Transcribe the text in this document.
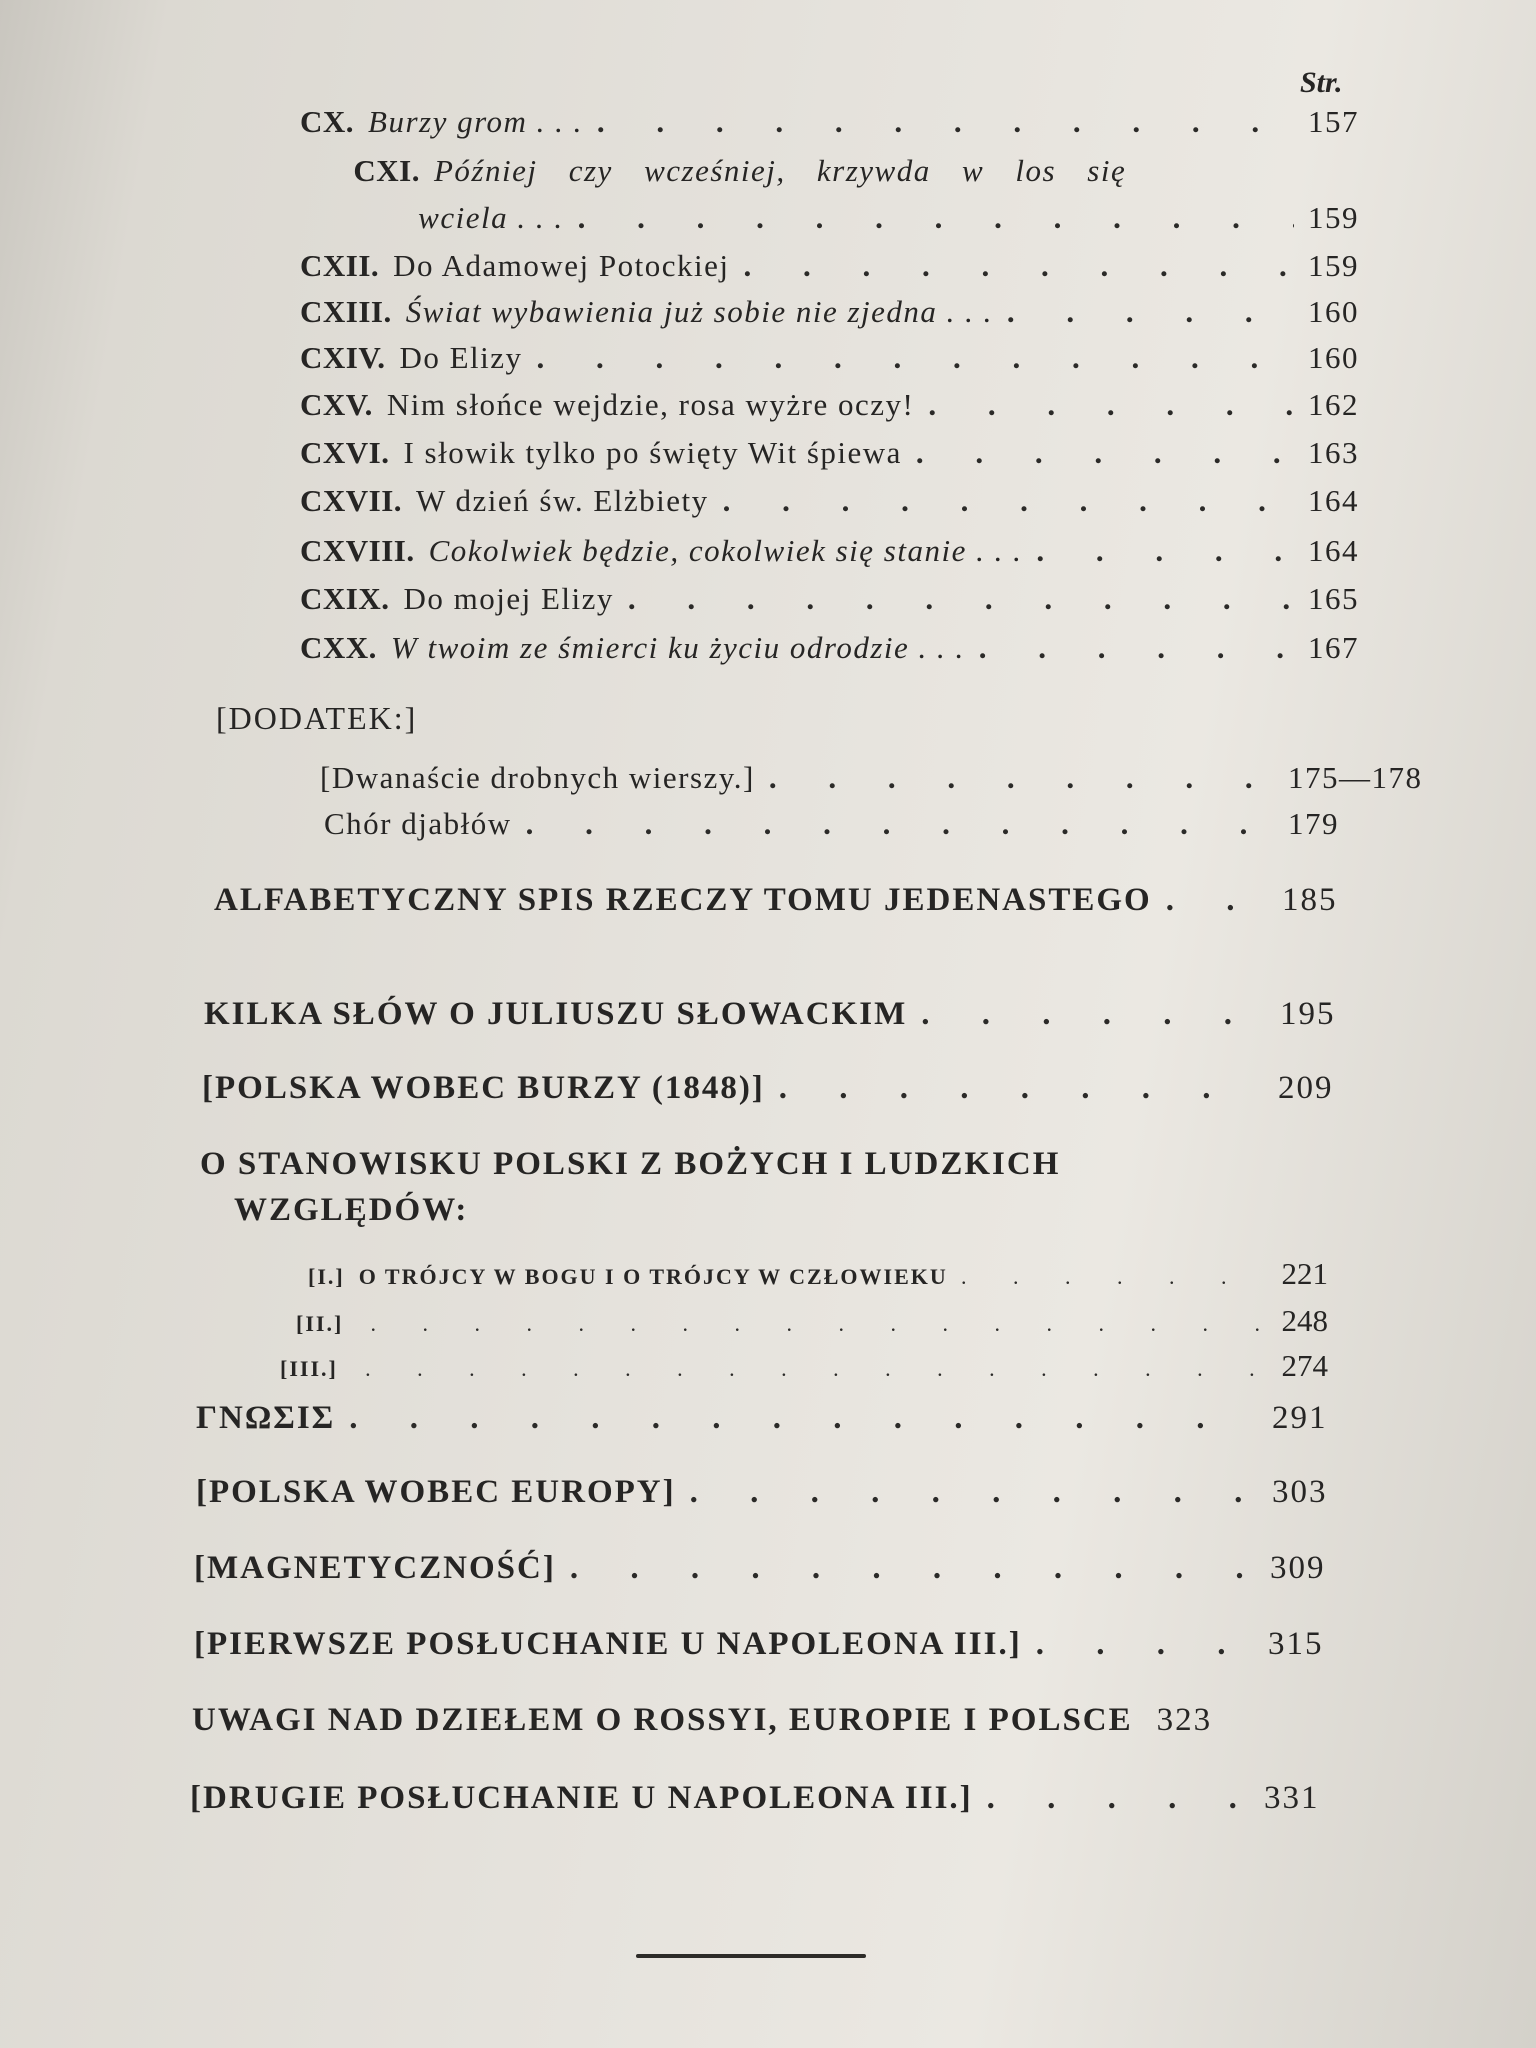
Str.
CX. Burzy grom . . . . . .	157
CXI. Później czy wcześniej, krzywda w los się
wciela . . . . . .	159
CXII. Do Adamowej Potockiej . . .	159
CXIII. Świat wybawienia już sobie nie zjedna . . . . . .	160
CXIV. Do Elizy . . .	160
CXV. Nim słońce wejdzie, rosa wyżre oczy! . . .	162
CXVI. I słowik tylko po święty Wit śpiewa . . .	163
CXVII. W dzień św. Elżbiety . . .	164
CXVIII. Cokolwiek będzie, cokolwiek się stanie . . . . . .	164
CXIX. Do mojej Elizy . . .	165
CXX. W twoim ze śmierci ku życiu odrodzie . . . . . .	167
[DODATEK:]
[Dwanaście drobnych wierszy.] . . .	175—178
Chór djabłów . . .	179
ALFABETYCZNY SPIS RZECZY TOMU JEDENASTEGO . . .	185
KILKA SŁÓW O JULIUSZU SŁOWACKIM . . .	195
[POLSKA WOBEC BURZY (1848)] . . .	209
O STANOWISKU POLSKI Z BOŻYCH I LUDZKICH
WZGLĘDÓW:
[I.] O TRÓJCY W BOGU I O TRÓJCY W CZŁOWIEKU . . .	221
[II.] . . .	248
[III.] . . .	274
ΓΝΩΣΙΣ . . .	291
[POLSKA WOBEC EUROPY] . . .	303
[MAGNETYCZNOŚĆ] . . .	309
[PIERWSZE POSŁUCHANIE U NAPOLEONA III.] . . .	315
UWAGI NAD DZIEŁEM O ROSSYI, EUROPIE I POLSCE 323
[DRUGIE POSŁUCHANIE U NAPOLEONA III.] . . .	331
